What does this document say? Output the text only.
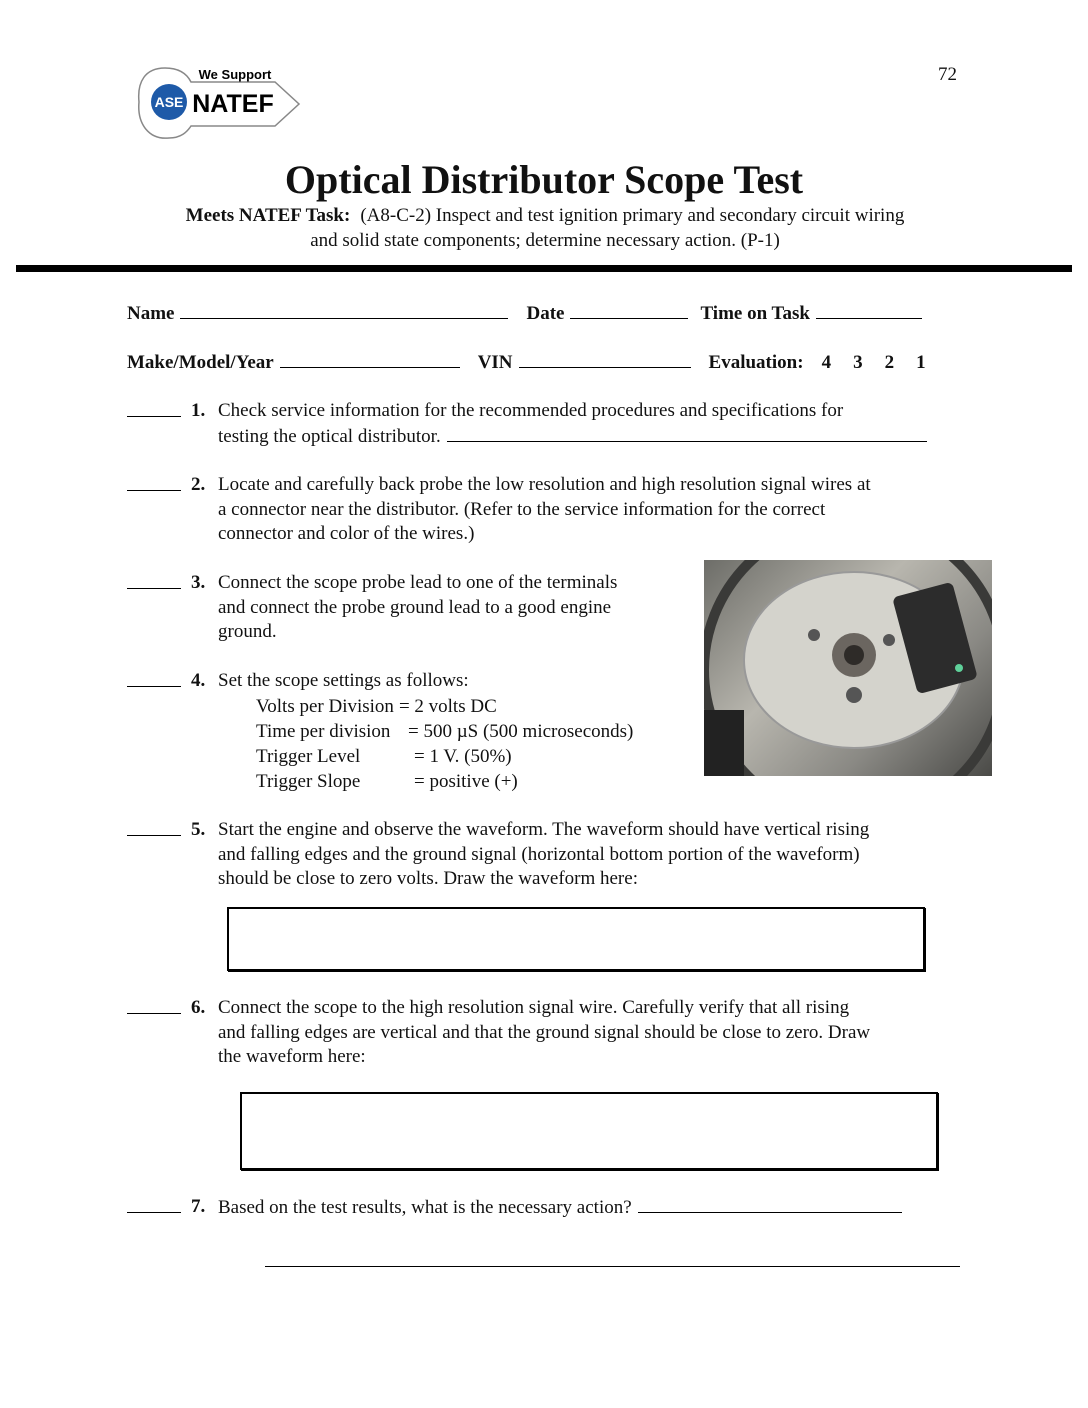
72
ASE
We Support
NATEF
Optical Distributor Scope Test
Meets NATEF Task: (A8-C-2) Inspect and test ignition primary and secondary circuit wiring
and solid state components; determine necessary action. (P-1)
Name	Date	Time on Task
Make/Model/Year	VIN	Evaluation: 4 3 2 1
1. Check service information for the recommended procedures and specifications for
testing the optical distributor.
2. Locate and carefully back probe the low resolution and high resolution signal wires at
a connector near the distributor. (Refer to the service information for the correct
connector and color of the wires.)
3. Connect the scope probe lead to one of the terminals
and connect the probe ground lead to a good engine
ground.
4. Set the scope settings as follows:
Volts per Division = 2 volts DC
Time per division= 500 µS (500 microseconds)
Trigger Level	= 1 V. (50%)
Trigger Slope	= positive (+)
5. Start the engine and observe the waveform. The waveform should have vertical rising
and falling edges and the ground signal (horizontal bottom portion of the waveform)
should be close to zero volts. Draw the waveform here:
6. Connect the scope to the high resolution signal wire. Carefully verify that all rising
and falling edges are vertical and that the ground signal should be close to zero. Draw
the waveform here:
7. Based on the test results, what is the necessary action?
